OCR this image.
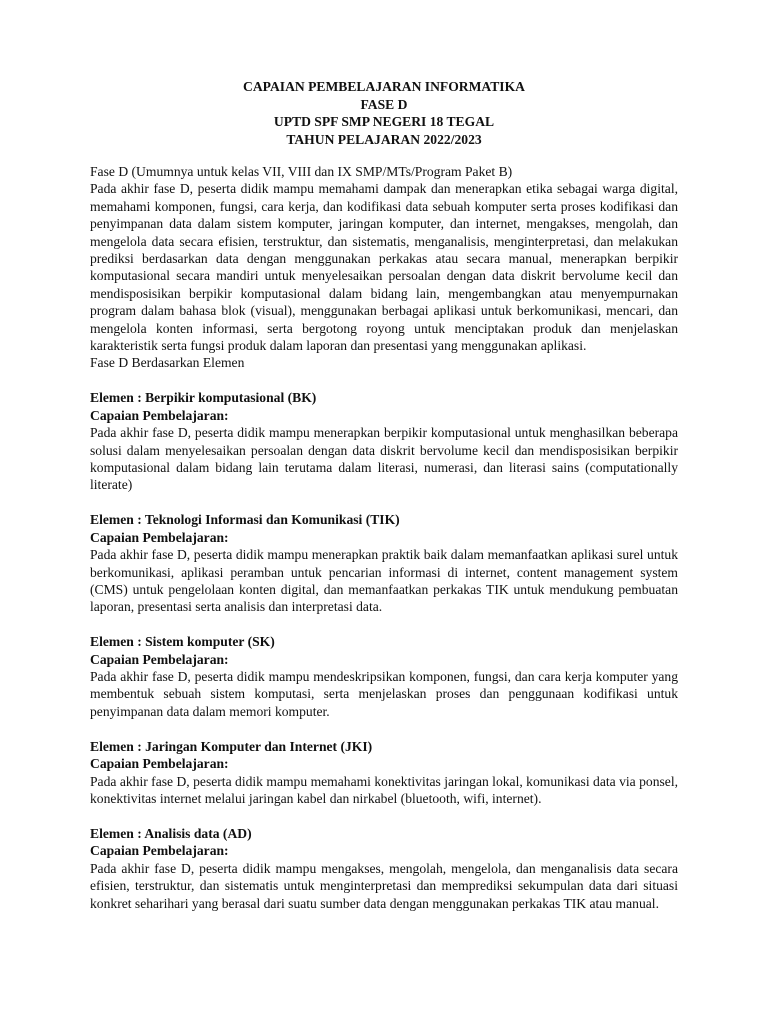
CAPAIAN PEMBELAJARAN INFORMATIKA
FASE D
UPTD SPF SMP NEGERI 18 TEGAL
TAHUN PELAJARAN 2022/2023
Fase D (Umumnya untuk kelas VII, VIII dan IX SMP/MTs/Program Paket B)
Pada akhir fase D, peserta didik mampu memahami dampak dan menerapkan etika sebagai warga digital, memahami komponen, fungsi, cara kerja, dan kodifikasi data sebuah komputer serta proses kodifikasi dan penyimpanan data dalam sistem komputer, jaringan komputer, dan internet, mengakses, mengolah, dan mengelola data secara efisien, terstruktur, dan sistematis, menganalisis, menginterpretasi, dan melakukan prediksi berdasarkan data dengan menggunakan perkakas atau secara manual, menerapkan berpikir komputasional secara mandiri untuk menyelesaikan persoalan dengan data diskrit bervolume kecil dan mendisposisikan berpikir komputasional dalam bidang lain, mengembangkan atau menyempurnakan program dalam bahasa blok (visual), menggunakan berbagai aplikasi untuk berkomunikasi, mencari, dan mengelola konten informasi, serta bergotong royong untuk menciptakan produk dan menjelaskan karakteristik serta fungsi produk dalam laporan dan presentasi yang menggunakan aplikasi.
Fase D Berdasarkan Elemen
Elemen : Berpikir komputasional (BK)
Capaian Pembelajaran:
Pada akhir fase D, peserta didik mampu menerapkan berpikir komputasional untuk menghasilkan beberapa solusi dalam menyelesaikan persoalan dengan data diskrit bervolume kecil dan mendisposisikan berpikir komputasional dalam bidang lain terutama dalam literasi, numerasi, dan literasi sains (computationally literate)
Elemen : Teknologi Informasi dan Komunikasi (TIK)
Capaian Pembelajaran:
Pada akhir fase D, peserta didik mampu menerapkan praktik baik dalam memanfaatkan aplikasi surel untuk berkomunikasi, aplikasi peramban untuk pencarian informasi di internet, content management system (CMS) untuk pengelolaan konten digital, dan memanfaatkan perkakas TIK untuk mendukung pembuatan laporan, presentasi serta analisis dan interpretasi data.
Elemen : Sistem komputer (SK)
Capaian Pembelajaran:
Pada akhir fase D, peserta didik mampu mendeskripsikan komponen, fungsi, dan cara kerja komputer yang membentuk sebuah sistem komputasi, serta menjelaskan proses dan penggunaan kodifikasi untuk penyimpanan data dalam memori komputer.
Elemen : Jaringan Komputer dan Internet (JKI)
Capaian Pembelajaran:
Pada akhir fase D, peserta didik mampu memahami konektivitas jaringan lokal, komunikasi data via ponsel, konektivitas internet melalui jaringan kabel dan nirkabel (bluetooth, wifi, internet).
Elemen : Analisis data (AD)
Capaian Pembelajaran:
Pada akhir fase D, peserta didik mampu mengakses, mengolah, mengelola, dan menganalisis data secara efisien, terstruktur, dan sistematis untuk menginterpretasi dan memprediksi sekumpulan data dari situasi konkret seharihari yang berasal dari suatu sumber data dengan menggunakan perkakas TIK atau manual.
